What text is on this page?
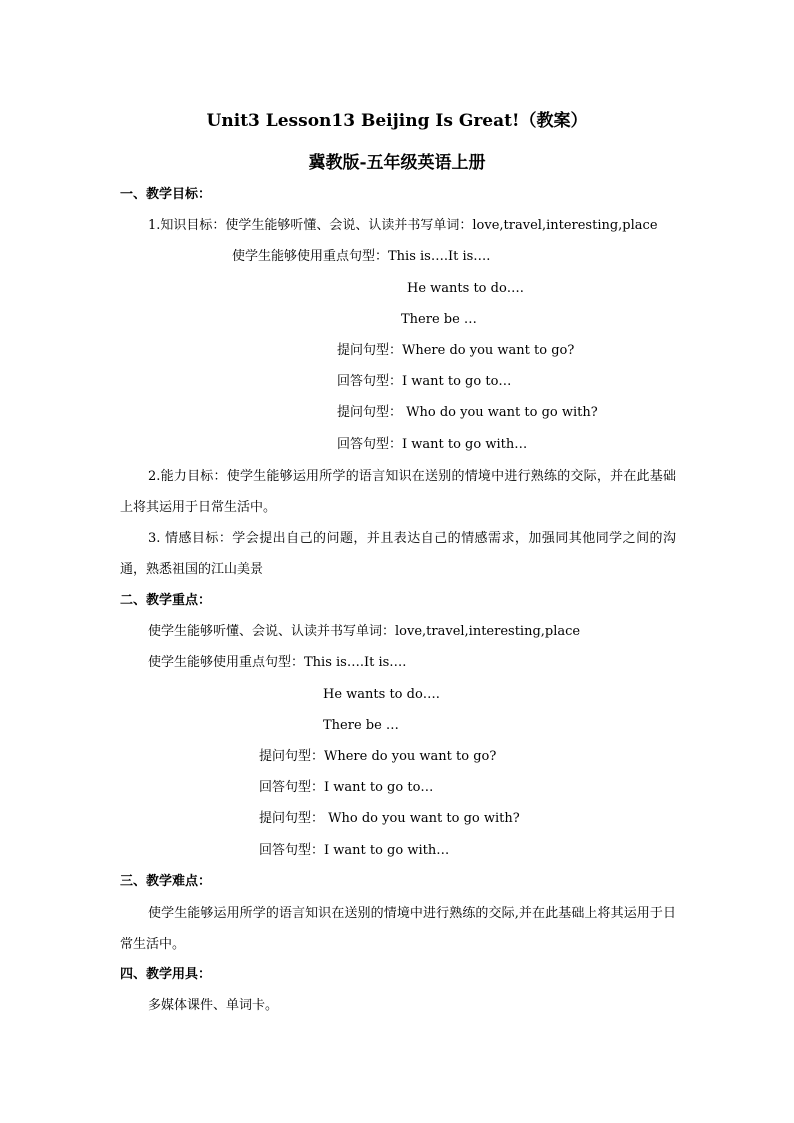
Unit3 Lesson13 Beijing Is Great!（教案）
冀教版-五年级英语上册
一、教学目标：
1.知识目标：使学生能够听懂、会说、认读并书写单词：love,travel,interesting,place
使学生能够使用重点句型：This is….It is….
He wants to do….
There be …
提问句型：Where do you want to go?
回答句型：I want to go to…
提问句型： Who do you want to go with?
回答句型：I want to go with…
2.能力目标：使学生能够运用所学的语言知识在送别的情境中进行熟练的交际，并在此基础上将其运用于日常生活中。
3. 情感目标：学会提出自己的问题，并且表达自己的情感需求，加强同其他同学之间的沟通，熟悉祖国的江山美景
二、教学重点：
使学生能够听懂、会说、认读并书写单词：love,travel,interesting,place
使学生能够使用重点句型：This is….It is….
He wants to do….
There be …
提问句型：Where do you want to go?
回答句型：I want to go to…
提问句型： Who do you want to go with?
回答句型：I want to go with…
三、教学难点：
使学生能够运用所学的语言知识在送别的情境中进行熟练的交际,并在此基础上将其运用于日常生活中。
四、教学用具：
多媒体课件、单词卡。
